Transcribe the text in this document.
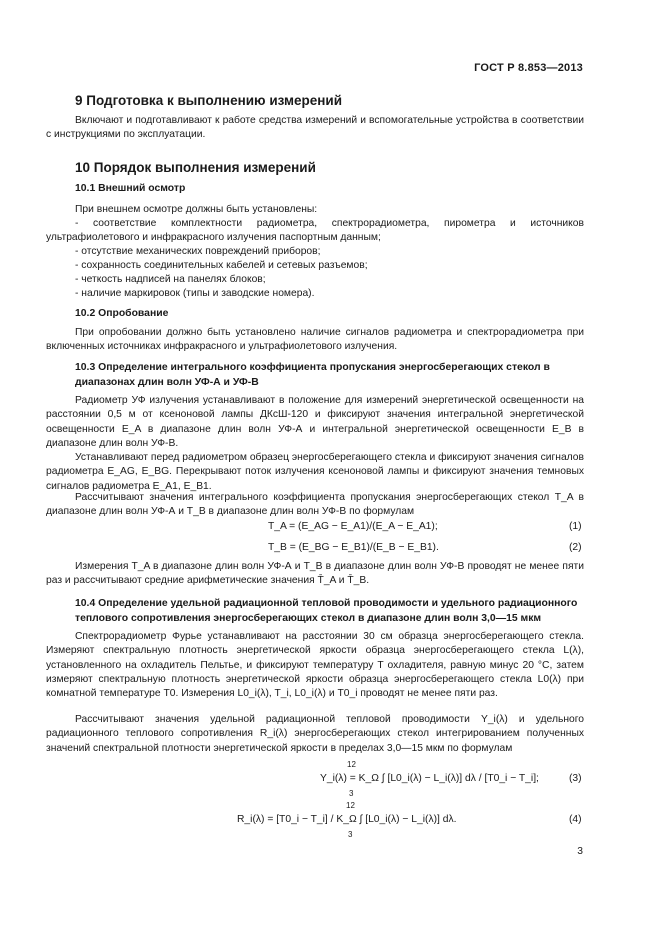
ГОСТ Р 8.853—2013
9 Подготовка к выполнению измерений
Включают и подготавливают к работе средства измерений и вспомогательные устройства в соответствии с инструкциями по эксплуатации.
10 Порядок выполнения измерений
10.1 Внешний осмотр
При внешнем осмотре должны быть установлены:
- соответствие комплектности радиометра, спектрорадиометра, пирометра и источников ультрафиолетового и инфракрасного излучения паспортным данным;
- отсутствие механических повреждений приборов;
- сохранность соединительных кабелей и сетевых разъемов;
- четкость надписей на панелях блоков;
- наличие маркировок (типы и заводские номера).
10.2 Опробование
При опробовании должно быть установлено наличие сигналов радиометра и спектрорадиометра при включенных источниках инфракрасного и ультрафиолетового излучения.
10.3 Определение интегрального коэффициента пропускания энергосберегающих стекол в диапазонах длин волн УФ-А и УФ-В
Радиометр УФ излучения устанавливают в положение для измерений энергетической освещенности на расстоянии 0,5 м от ксеноновой лампы ДКсШ-120 и фиксируют значения интегральной энергетической освещенности E_A в диапазоне длин волн УФ-А и интегральной энергетической освещенности E_B в диапазоне длин волн УФ-В.
Устанавливают перед радиометром образец энергосберегающего стекла и фиксируют значения сигналов радиометра E_AG, E_BG. Перекрывают поток излучения ксеноновой лампы и фиксируют значения темновых сигналов радиометра E_A1, E_B1.
Рассчитывают значения интегрального коэффициента пропускания энергосберегающих стекол T_A в диапазоне длин волн УФ-А и T_B в диапазоне длин волн УФ-В по формулам
T_A = (E_AG − E_A1)/(E_A − E_A1);	(1)
T_B = (E_BG − E_B1)/(E_B − E_B1).	(2)
Измерения T_A в диапазоне длин волн УФ-А и T_B в диапазоне длин волн УФ-В проводят не менее пяти раз и рассчитывают средние арифметические значения T̄_A и T̄_B.
10.4 Определение удельной радиационной тепловой проводимости и удельного радиационного теплового сопротивления энергосберегающих стекол в диапазоне длин волн 3,0—15 мкм
Спектрорадиометр Фурье устанавливают на расстоянии 30 см образца энергосберегающего стекла. Измеряют спектральную плотность энергетической яркости образца энергосберегающего стекла L(λ), установленного на охладитель Пельтье, и фиксируют температуру T охладителя, равную минус 20 °C, затем измеряют спектральную плотность энергетической яркости образца энергосберегающего стекла L0(λ) при комнатной температуре T0. Измерения L0_i(λ), T_i, L0_i(λ) и T0_i проводят не менее пяти раз.
Рассчитывают значения удельной радиационной тепловой проводимости Y_i(λ) и удельного радиационного теплового сопротивления R_i(λ) энергосберегающих стекол интегрированием полученных значений спектральной плотности энергетической яркости в пределах 3,0—15 мкм по формулам
Y_i(λ) = K_Ω ∫ [L0_i(λ) − L_i(λ)] dλ / [T0_i − T_i];
12
3
(3)
R_i(λ) = [T0_i − T_i] / K_Ω ∫ [L0_i(λ) − L_i(λ)] dλ.
12
3
(4)
3
